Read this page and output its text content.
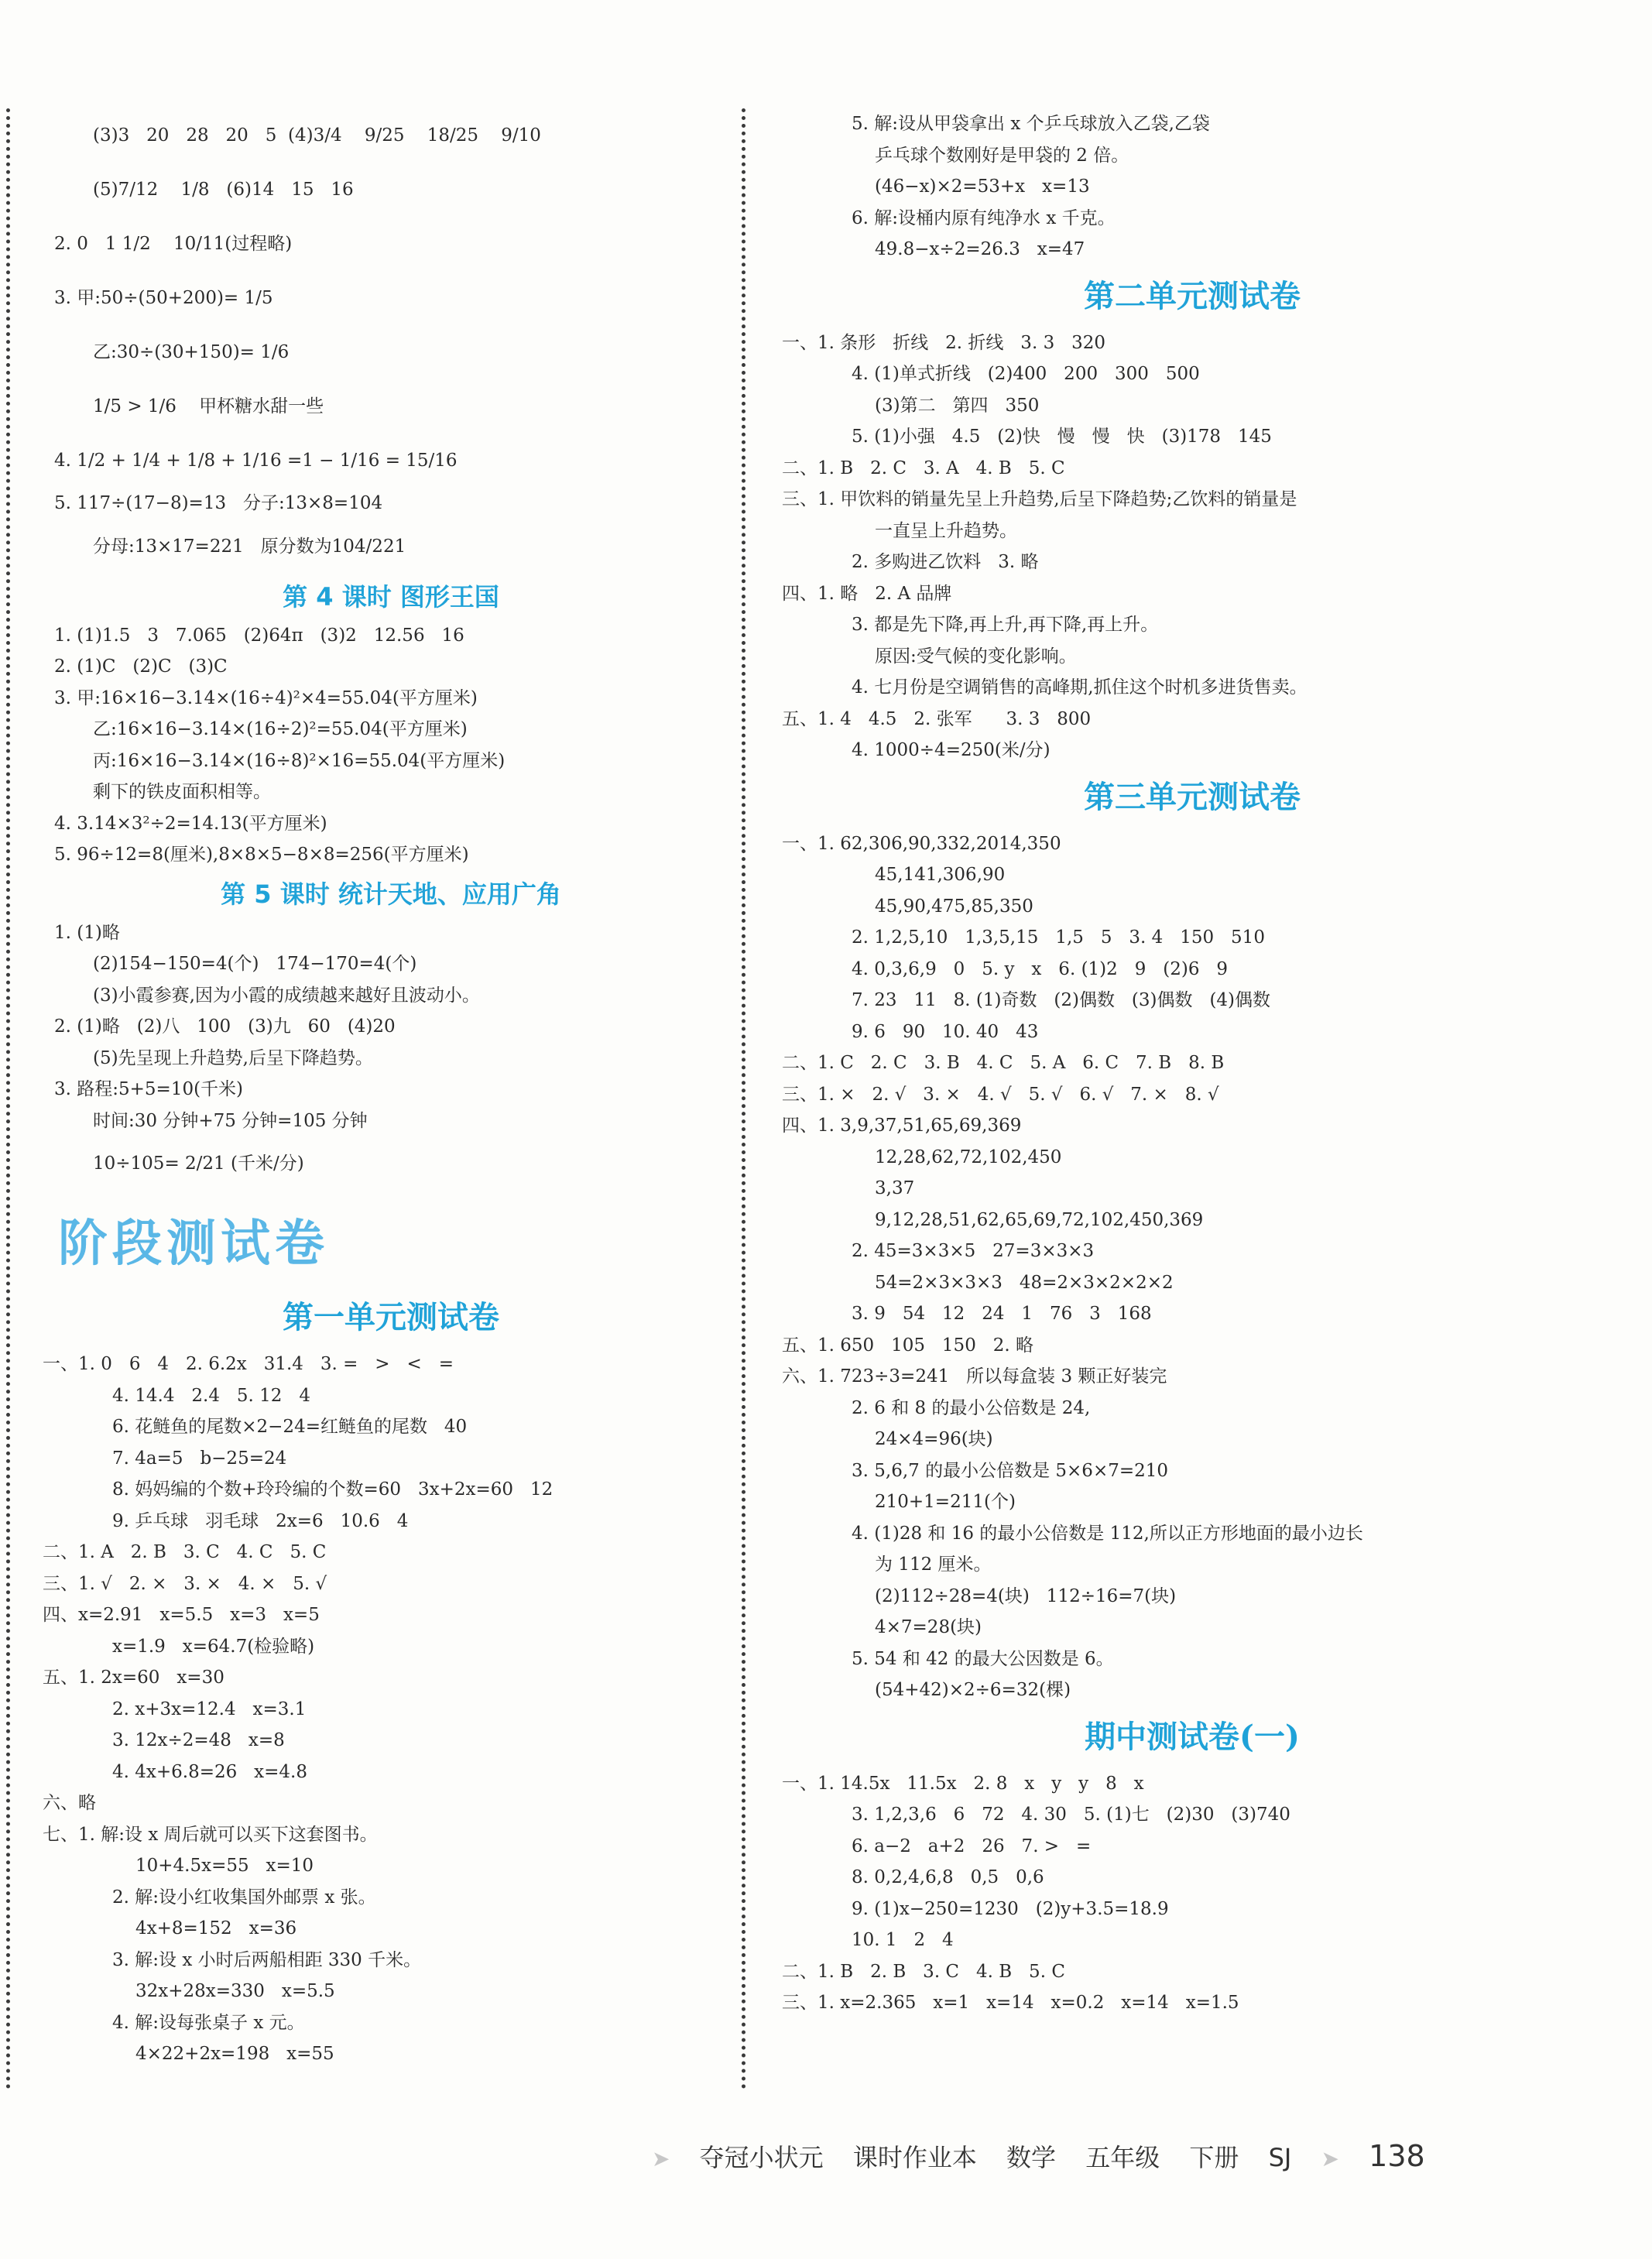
(3)3   20   28   20   5  (4)3/4    9/25    18/25    9/10
(5)7/12    1/8   (6)14   15   16
2. 0   1 1/2    10/11(过程略)
3. 甲:50÷(50+200)= 1/5
乙:30÷(30+150)= 1/6
1/5 > 1/6    甲杯糖水甜一些
4. 1/2 + 1/4 + 1/8 + 1/16 =1 − 1/16 = 15/16
5. 117÷(17−8)=13   分子:13×8=104
分母:13×17=221   原分数为104/221
第 4 课时 图形王国
1. (1)1.5   3   7.065   (2)64π   (3)2   12.56   16
2. (1)C   (2)C   (3)C
3. 甲:16×16−3.14×(16÷4)²×4=55.04(平方厘米)
乙:16×16−3.14×(16÷2)²=55.04(平方厘米)
丙:16×16−3.14×(16÷8)²×16=55.04(平方厘米)
剩下的铁皮面积相等。
4. 3.14×3²÷2=14.13(平方厘米)
5. 96÷12=8(厘米),8×8×5−8×8=256(平方厘米)
第 5 课时 统计天地、应用广角
1. (1)略
(2)154−150=4(个)   174−170=4(个)
(3)小霞参赛,因为小霞的成绩越来越好且波动小。
2. (1)略   (2)八   100   (3)九   60   (4)20
(5)先呈现上升趋势,后呈下降趋势。
3. 路程:5+5=10(千米)
时间:30 分钟+75 分钟=105 分钟
10÷105= 2/21 (千米/分)
阶段测试卷
第一单元测试卷
一、1. 0   6   4   2. 6.2x   31.4   3. =   >   <   =
4. 14.4   2.4   5. 12   4
6. 花鲢鱼的尾数×2−24=红鲢鱼的尾数   40
7. 4a=5   b−25=24
8. 妈妈编的个数+玲玲编的个数=60   3x+2x=60   12
9. 乒乓球   羽毛球   2x=6   10.6   4
二、1. A   2. B   3. C   4. C   5. C
三、1. √   2. ×   3. ×   4. ×   5. √
四、x=2.91   x=5.5   x=3   x=5
x=1.9   x=64.7(检验略)
五、1. 2x=60   x=30
2. x+3x=12.4   x=3.1
3. 12x÷2=48   x=8
4. 4x+6.8=26   x=4.8
六、略
七、1. 解:设 x 周后就可以买下这套图书。
10+4.5x=55   x=10
2. 解:设小红收集国外邮票 x 张。
4x+8=152   x=36
3. 解:设 x 小时后两船相距 330 千米。
32x+28x=330   x=5.5
4. 解:设每张桌子 x 元。
4×22+2x=198   x=55
5. 解:设从甲袋拿出 x 个乒乓球放入乙袋,乙袋
乒乓球个数刚好是甲袋的 2 倍。
(46−x)×2=53+x   x=13
6. 解:设桶内原有纯净水 x 千克。
49.8−x÷2=26.3   x=47
第二单元测试卷
一、1. 条形   折线   2. 折线   3. 3   320
4. (1)单式折线   (2)400   200   300   500
(3)第二   第四   350
5. (1)小强   4.5   (2)快   慢   慢   快   (3)178   145
二、1. B   2. C   3. A   4. B   5. C
三、1. 甲饮料的销量先呈上升趋势,后呈下降趋势;乙饮料的销量是
一直呈上升趋势。
2. 多购进乙饮料   3. 略
四、1. 略   2. A 品牌
3. 都是先下降,再上升,再下降,再上升。
原因:受气候的变化影响。
4. 七月份是空调销售的高峰期,抓住这个时机多进货售卖。
五、1. 4   4.5   2. 张军      3. 3   800
4. 1000÷4=250(米/分)
第三单元测试卷
一、1. 62,306,90,332,2014,350
45,141,306,90
45,90,475,85,350
2. 1,2,5,10   1,3,5,15   1,5   5   3. 4   150   510
4. 0,3,6,9   0   5. y   x   6. (1)2   9   (2)6   9
7. 23   11   8. (1)奇数   (2)偶数   (3)偶数   (4)偶数
9. 6   90   10. 40   43
二、1. C   2. C   3. B   4. C   5. A   6. C   7. B   8. B
三、1. ×   2. √   3. ×   4. √   5. √   6. √   7. ×   8. √
四、1. 3,9,37,51,65,69,369
12,28,62,72,102,450
3,37
9,12,28,51,62,65,69,72,102,450,369
2. 45=3×3×5   27=3×3×3
54=2×3×3×3   48=2×3×2×2×2
3. 9   54   12   24   1   76   3   168
五、1. 650   105   150   2. 略
六、1. 723÷3=241   所以每盒装 3 颗正好装完
2. 6 和 8 的最小公倍数是 24,
24×4=96(块)
3. 5,6,7 的最小公倍数是 5×6×7=210
210+1=211(个)
4. (1)28 和 16 的最小公倍数是 112,所以正方形地面的最小边长
为 112 厘米。
(2)112÷28=4(块)   112÷16=7(块)
4×7=28(块)
5. 54 和 42 的最大公因数是 6。
(54+42)×2÷6=32(棵)
期中测试卷(一)
一、1. 14.5x   11.5x   2. 8   x   y   y   8   x
3. 1,2,3,6   6   72   4. 30   5. (1)七   (2)30   (3)740
6. a−2   a+2   26   7. >   =
8. 0,2,4,6,8   0,5   0,6
9. (1)x−250=1230   (2)y+3.5=18.9
10. 1   2   4
二、1. B   2. B   3. C   4. B   5. C
三、1. x=2.365   x=1   x=14   x=0.2   x=14   x=1.5
➤ 夺冠小状元 课时作业本 数学 五年级 下册 SJ ➤ 138
